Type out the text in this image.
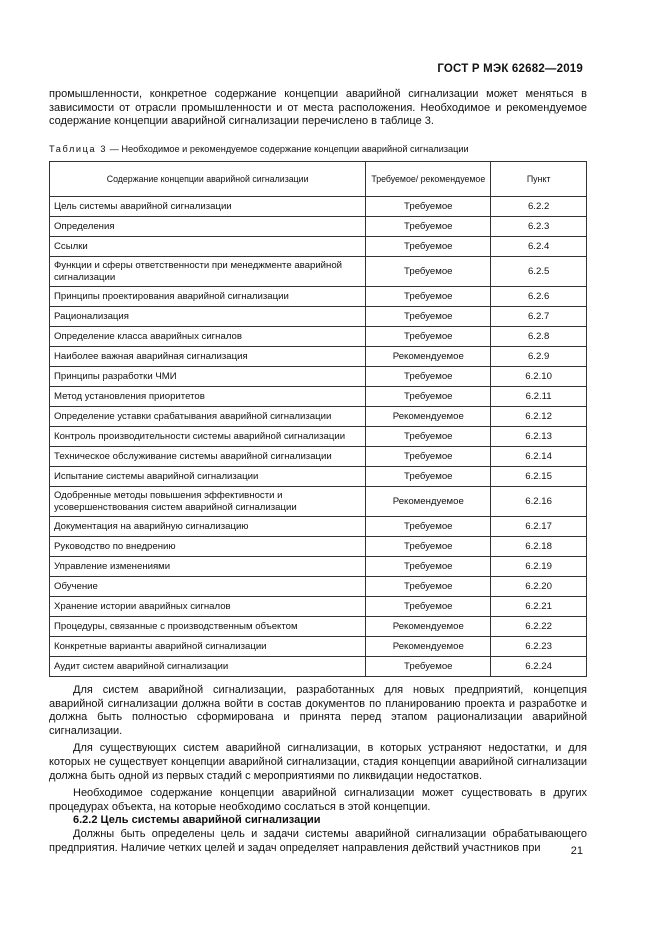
ГОСТ Р МЭК 62682—2019

промышленности, конкретное содержание концепции аварийной сигнализации может меняться в зависимости от отрасли промышленности и от места расположения. Необходимое и рекомендуемое содержание концепции аварийной сигнализации перечислено в таблице 3.

Таблица 3 — Необходимое и рекомендуемое содержание концепции аварийной сигнализации
Содержание концепции аварийной сигнализации	Требуемое/ рекомендуемое	Пункт
Цель системы аварийной сигнализации	Требуемое	6.2.2
Определения	Требуемое	6.2.3
Ссылки	Требуемое	6.2.4
Функции и сферы ответственности при менеджменте аварийной сигнализации	Требуемое	6.2.5
Принципы проектирования аварийной сигнализации	Требуемое	6.2.6
Рационализация	Требуемое	6.2.7
Определение класса аварийных сигналов	Требуемое	6.2.8
Наиболее важная аварийная сигнализация	Рекомендуемое	6.2.9
Принципы разработки ЧМИ	Требуемое	6.2.10
Метод установления приоритетов	Требуемое	6.2.11
Определение уставки срабатывания аварийной сигнализации	Рекомендуемое	6.2.12
Контроль производительности системы аварийной сигнализации	Требуемое	6.2.13
Техническое обслуживание системы аварийной сигнализации	Требуемое	6.2.14
Испытание системы аварийной сигнализации	Требуемое	6.2.15
Одобренные методы повышения эффективности и усовершенствования систем аварийной сигнализации	Рекомендуемое	6.2.16
Документация на аварийную сигнализацию	Требуемое	6.2.17
Руководство по внедрению	Требуемое	6.2.18
Управление изменениями	Требуемое	6.2.19
Обучение	Требуемое	6.2.20
Хранение истории аварийных сигналов	Требуемое	6.2.21
Процедуры, связанные с производственным объектом	Рекомендуемое	6.2.22
Конкретные варианты аварийной сигнализации	Рекомендуемое	6.2.23
Аудит систем аварийной сигнализации	Требуемое	6.2.24

Для систем аварийной сигнализации, разработанных для новых предприятий, концепция аварийной сигнализации должна войти в состав документов по планированию проекта и разработке и должна быть полностью сформирована и принята перед этапом рационализации аварийной сигнализации.

Для существующих систем аварийной сигнализации, в которых устраняют недостатки, и для которых не существует концепции аварийной сигнализации, стадия концепции аварийной сигнализации должна быть одной из первых стадий с мероприятиями по ликвидации недостатков.

Необходимое содержание концепции аварийной сигнализации может существовать в других процедурах объекта, на которые необходимо сослаться в этой концепции.

6.2.2 Цель системы аварийной сигнализации

Должны быть определены цель и задачи системы аварийной сигнализации обрабатывающего предприятия. Наличие четких целей и задач определяет направления действий участников при	21
